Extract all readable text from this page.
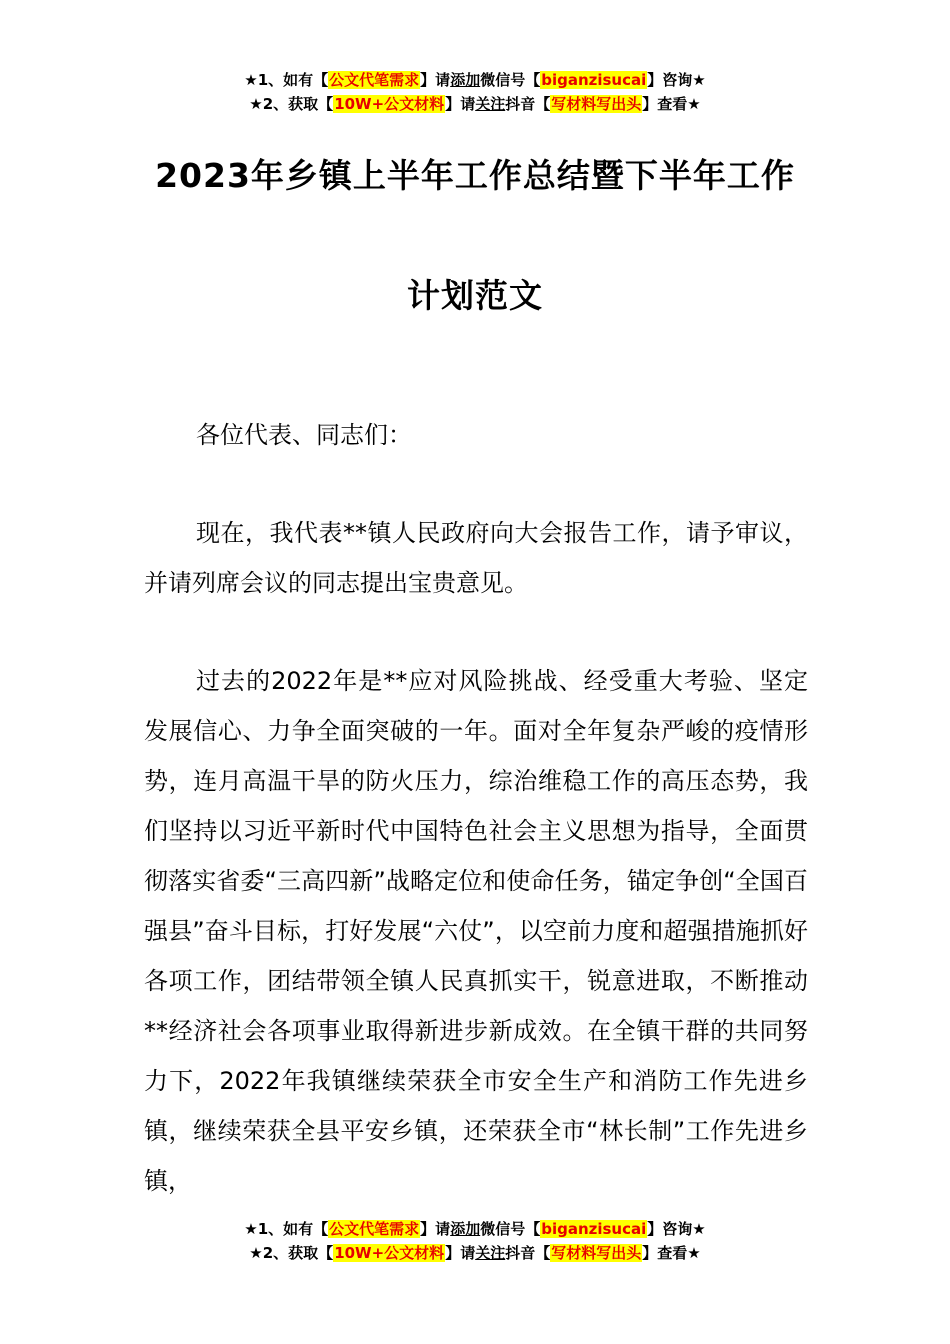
★1、如有【公文代笔需求】请添加微信号【biganzisucai】咨询★
★2、获取【10W+公文材料】请关注抖音【写材料写出头】查看★
2023年乡镇上半年工作总结暨下半年工作
计划范文
各位代表、同志们：
现在，我代表**镇人民政府向大会报告工作，请予审议，并请列席会议的同志提出宝贵意见。
过去的2022年是**应对风险挑战、经受重大考验、坚定发展信心、力争全面突破的一年。面对全年复杂严峻的疫情形势，连月高温干旱的防火压力，综治维稳工作的高压态势，我们坚持以习近平新时代中国特色社会主义思想为指导，全面贯彻落实省委“三高四新”战略定位和使命任务，锚定争创“全国百强县”奋斗目标，打好发展“六仗”，以空前力度和超强措施抓好各项工作，团结带领全镇人民真抓实干，锐意进取，不断推动**经济社会各项事业取得新进步新成效。在全镇干群的共同努力下，2022年我镇继续荣获全市安全生产和消防工作先进乡镇，继续荣获全县平安乡镇，还荣获全市“林长制”工作先进乡镇，
★1、如有【公文代笔需求】请添加微信号【biganzisucai】咨询★
★2、获取【10W+公文材料】请关注抖音【写材料写出头】查看★
